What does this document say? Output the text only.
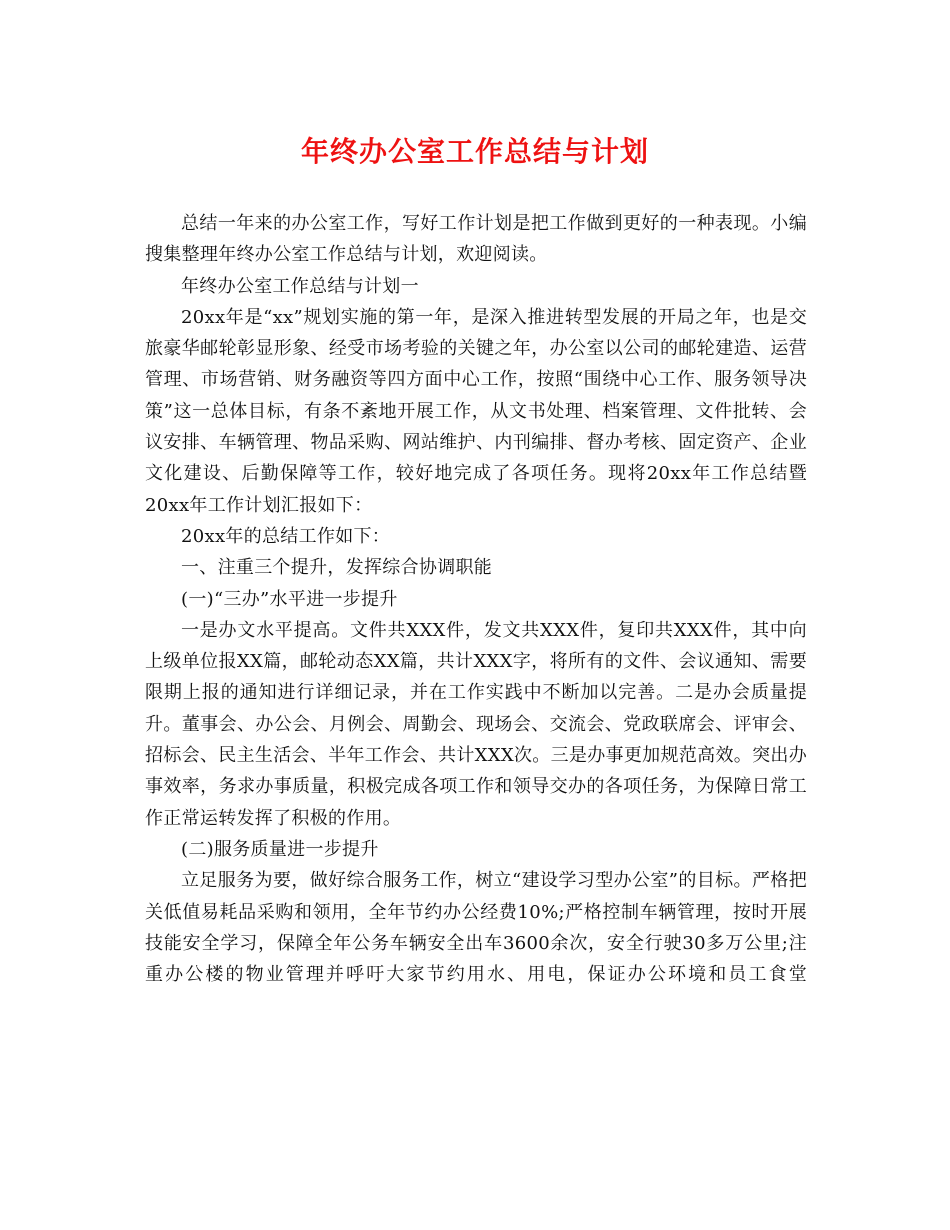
年终办公室工作总结与计划

总结一年来的办公室工作，写好工作计划是把工作做到更好的一种表现。小编搜集整理年终办公室工作总结与计划，欢迎阅读。

年终办公室工作总结与计划一

20xx年是“xx”规划实施的第一年，是深入推进转型发展的开局之年，也是交旅豪华邮轮彰显形象、经受市场考验的关键之年，办公室以公司的邮轮建造、运营管理、市场营销、财务融资等四方面中心工作，按照“围绕中心工作、服务领导决策”这一总体目标，有条不紊地开展工作，从文书处理、档案管理、文件批转、会议安排、车辆管理、物品采购、网站维护、内刊编排、督办考核、固定资产、企业文化建设、后勤保障等工作，较好地完成了各项任务。现将20xx年工作总结暨20xx年工作计划汇报如下：

20xx年的总结工作如下：

一、注重三个提升，发挥综合协调职能

(一)“三办”水平进一步提升

一是办文水平提高。文件共XXX件，发文共XXX件，复印共XXX件，其中向上级单位报XX篇，邮轮动态XX篇，共计XXX字，将所有的文件、会议通知、需要限期上报的通知进行详细记录，并在工作实践中不断加以完善。二是办会质量提升。董事会、办公会、月例会、周勤会、现场会、交流会、党政联席会、评审会、招标会、民主生活会、半年工作会、共计XXX次。三是办事更加规范高效。突出办事效率，务求办事质量，积极完成各项工作和领导交办的各项任务，为保障日常工作正常运转发挥了积极的作用。

(二)服务质量进一步提升

立足服务为要，做好综合服务工作，树立“建设学习型办公室”的目标。严格把关低值易耗品采购和领用，全年节约办公经费10%;严格控制车辆管理，按时开展技能安全学习，保障全年公务车辆安全出车3600余次，安全行驶30多万公里;注重办公楼的物业管理并呼吁大家节约用水、用电，保证办公环境和员工食堂
